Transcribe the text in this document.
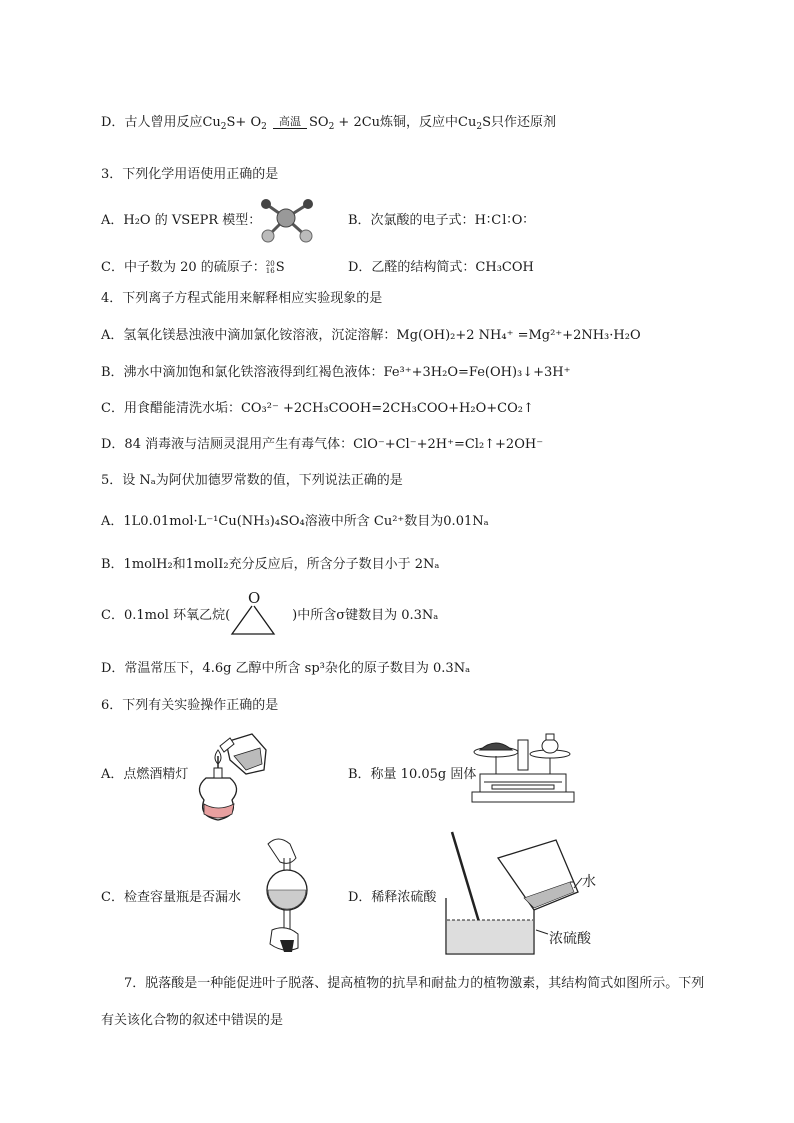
D．古人曾用反应$Cu_2S+ O_2$	高温 $SO_2 + 2Cu$炼铜，反应中$Cu_2S$只作还原剂
3．下列化学用语使用正确的是
A．H₂O 的 VSEPR 模型：	B．次氯酸的电子式：H∶Cl∶O∶
C．中子数为 20 的硫原子： 20
16 S	D．乙醛的结构简式：CH₃COH
4．下列离子方程式能用来解释相应实验现象的是
A．氢氧化镁悬浊液中滴加氯化铵溶液，沉淀溶解：Mg(OH)₂+2 NH₄⁺ =Mg²⁺+2NH₃·H₂O
B．沸水中滴加饱和氯化铁溶液得到红褐色液体：Fe³⁺+3H₂O=Fe(OH)₃↓+3H⁺
C．用食醋能清洗水垢：CO₃²⁻ +2CH₃COOH=2CH₃COO+H₂O+CO₂↑
D．84 消毒液与洁厕灵混用产生有毒气体：ClO⁻+Cl⁻+2H⁺=Cl₂↑+2OH⁻
5．设 Nₐ为阿伏加德罗常数的值，下列说法正确的是
A．1L0.01mol·L⁻¹Cu(NH₃)₄SO₄溶液中所含 Cu²⁺数目为0.01Nₐ
B．1molH₂和1molI₂充分反应后，所含分子数目小于 2Nₐ
C．0.1mol 环氧乙烷(	)中所含σ键数目为 0.3Nₐ
O
D．常温常压下，4.6g 乙醇中所含 sp³杂化的原子数目为 0.3Nₐ
6．下列有关实验操作正确的是
A．点燃酒精灯	B．称量 10.05g 固体
C．检查容量瓶是否漏水	D．稀释浓硫酸
水
浓硫酸
7．脱落酸是一种能促进叶子脱落、提高植物的抗旱和耐盐力的植物激素，其结构简式如图所示。下列
有关该化合物的叙述中错误的是
